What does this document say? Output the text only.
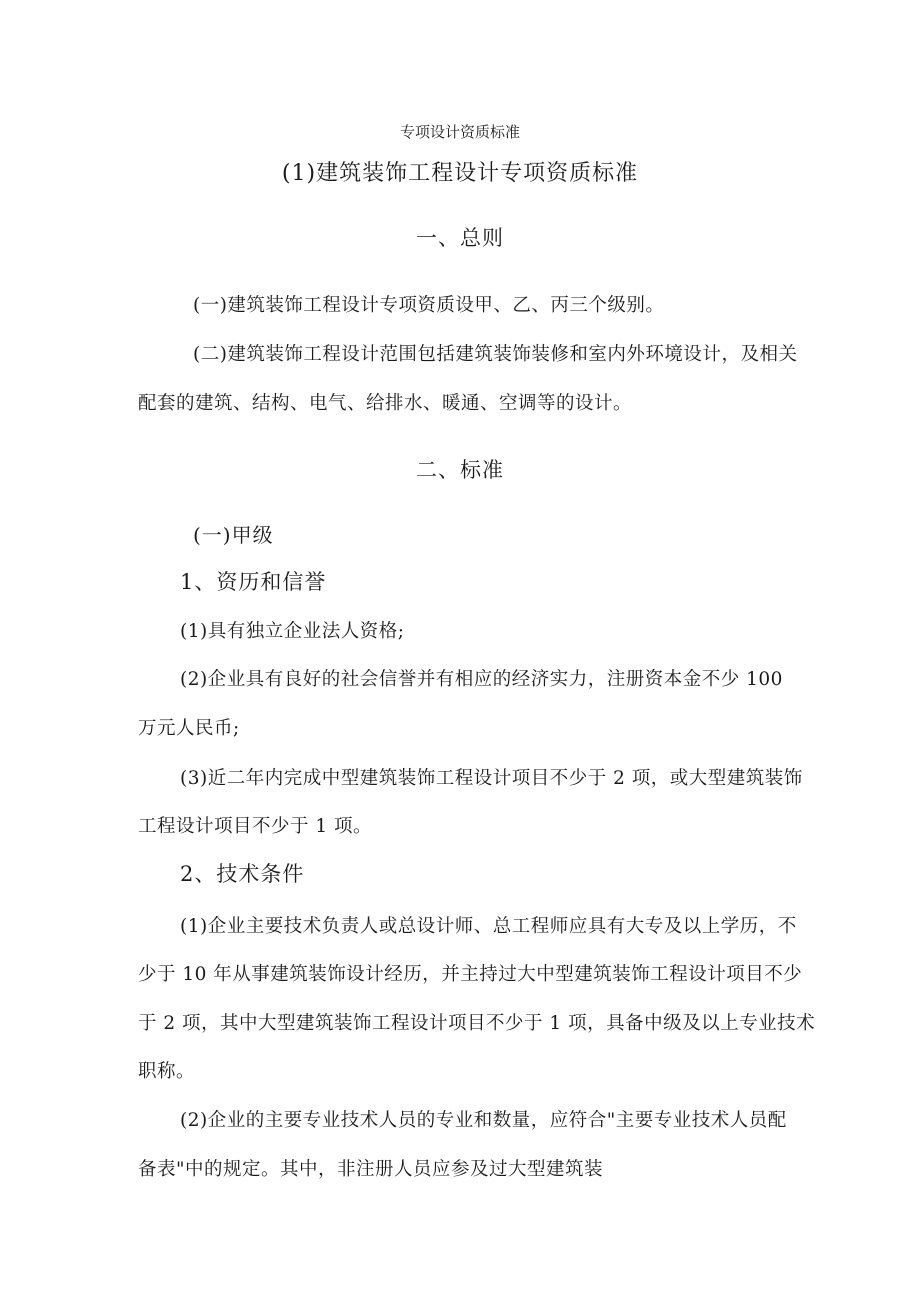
专项设计资质标准

(1)建筑装饰工程设计专项资质标准

一、总则

(一)建筑装饰工程设计专项资质设甲、乙、丙三个级别。

(二)建筑装饰工程设计范围包括建筑装饰装修和室内外环境设计，及相关

配套的建筑、结构、电气、给排水、暖通、空调等的设计。

二、标准

(一)甲级

1、资历和信誉

(1)具有独立企业法人资格;

(2)企业具有良好的社会信誉并有相应的经济实力，注册资本金不少 100

万元人民币;

(3)近二年内完成中型建筑装饰工程设计项目不少于 2 项，或大型建筑装饰

工程设计项目不少于 1 项。

2、技术条件

(1)企业主要技术负责人或总设计师、总工程师应具有大专及以上学历，不

少于 10 年从事建筑装饰设计经历，并主持过大中型建筑装饰工程设计项目不少

于 2 项，其中大型建筑装饰工程设计项目不少于 1 项，具备中级及以上专业技术

职称。

(2)企业的主要专业技术人员的专业和数量，应符合"主要专业技术人员配

备表"中的规定。其中，非注册人员应参及过大型建筑装
